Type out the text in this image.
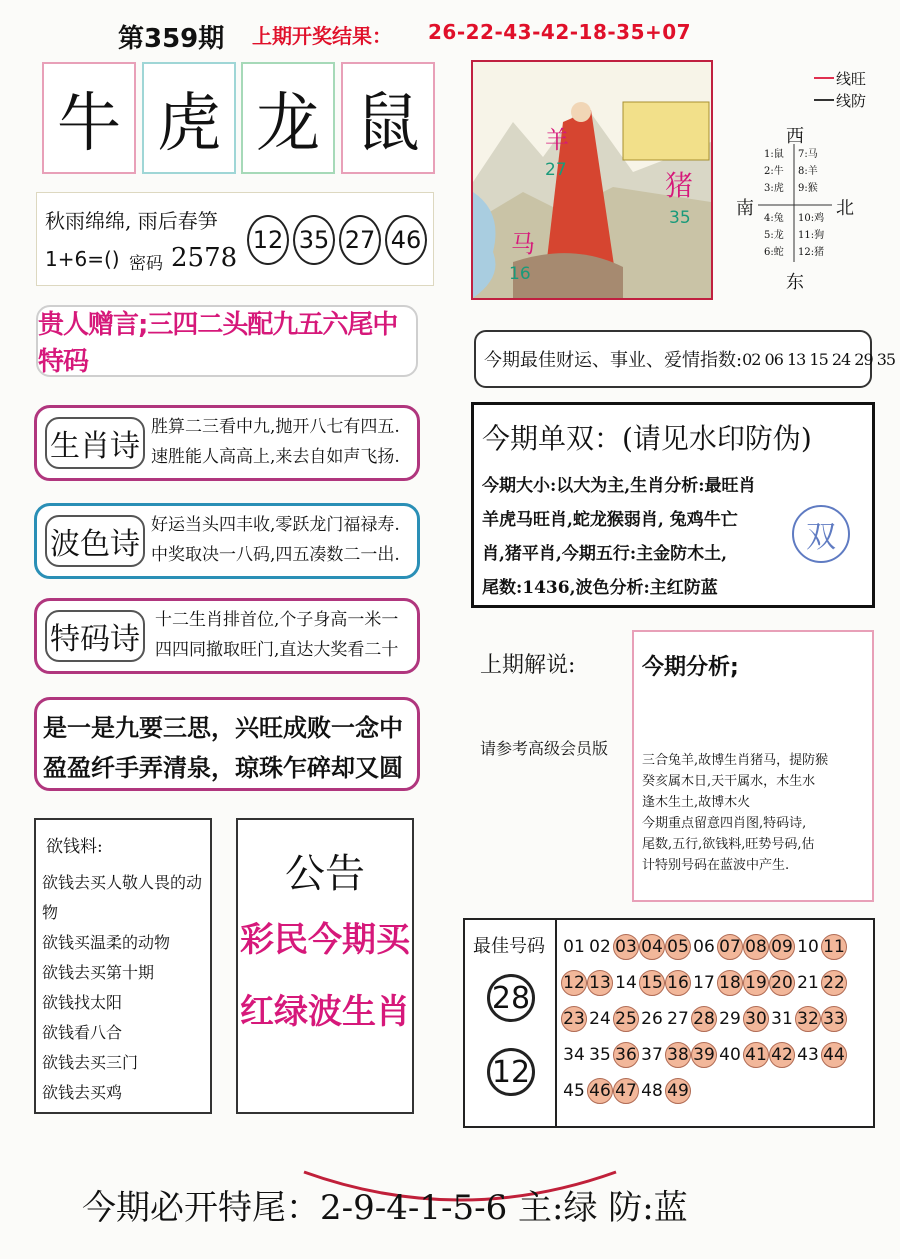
第359期 上期开奖结果： 26-22-43-42-18-35+07
牛 虎 龙 鼠
秋雨绵绵, 雨后春笋
1+6=() 密码 2578
12 35 27 46
贵人赠言;三四二头配九五六尾中特码
生肖诗
胜算二三看中九,抛开八七有四五.
速胜能人高高上,来去自如声飞扬.
波色诗
好运当头四丰收,零跃龙门福禄寿.
中奖取决一八码,四五凑数二一出.
特码诗
十二生肖排首位,个子身高一米一
四四同撤取旺门,直达大奖看二十
是一是九要三思，兴旺成败一念中
盈盈纤手弄清泉，琼珠乍碎却又圆
欲钱料:
欲钱去买人敬人畏的动物
欲钱买温柔的动物
欲钱去买第十期
欲钱找太阳
欲钱看八合
欲钱去买三门
欲钱去买鸡
公告
彩民今期买
红绿波生肖
羊
27	猪
35
马
16
线旺
线防
西
南	北
东
1:鼠
2:牛
3:虎
7:马
8:羊
9:猴
4:兔
5:龙
6:蛇
10:鸡
11:狗
12:猪
今期最佳财运、事业、爱情指数: 02 06 13 15 24 29 35
今期单双：(请见水印防伪)
今期大小:以大为主,生肖分析:最旺肖
羊虎马旺肖,蛇龙猴弱肖, 兔鸡牛亡
肖,猪平肖,今期五行:主金防木土,
尾数:1436,波色分析:主红防蓝
双
上期解说:
请参考高级会员版
今期分析;
三合兔羊,故博生肖猪马，提防猴
癸亥属木日,天干属水，木生水
逢木生土,故博木火
今期重点留意四肖图,特码诗,
尾数,五行,欲钱料,旺势号码,估
计特别号码在蓝波中产生.
最佳号码
28
12
01 02 03 04 05 06 07 08 09 10 11
12 13 14 15 16 17 18 19 20 21 22
23 24 25 26 27 28 29 30 31 32 33
34 35 36 37 38 39 40 41 42 43 44
45 46 47 48 49
今期必开特尾：2-9-4-1-5-6 主:绿 防:蓝
